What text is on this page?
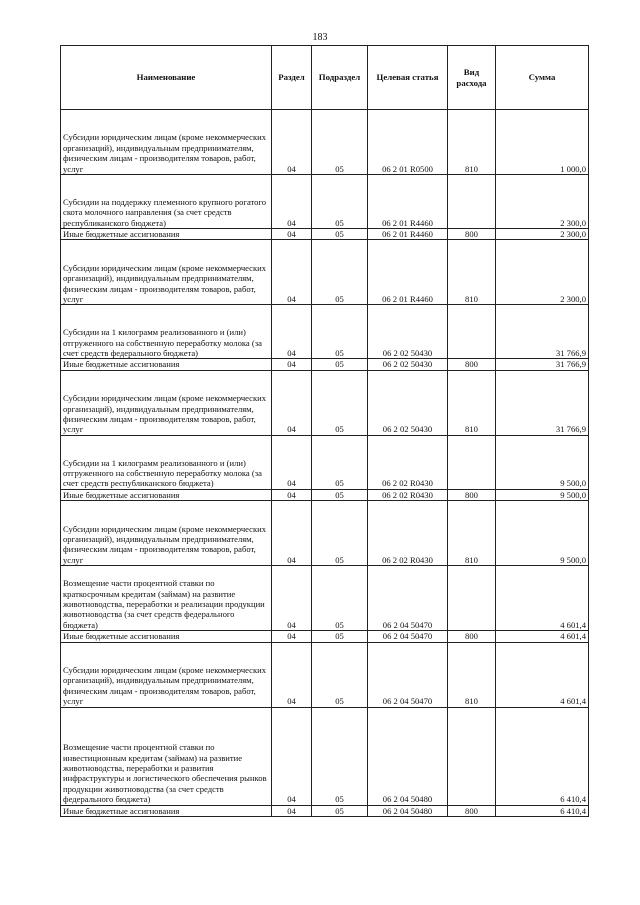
183
Наименование	Раздел	Подраздел	Целевая статья	Вид расхода	Сумма
Субсидии юридическим лицам (кроме некоммерческих организаций), индивидуальным предпринимателям, физическим лицам - производителям товаров, работ, услуг	04	05	06 2 01 R0500	810	1 000,0
Субсидии на поддержку племенного крупного рогатого скота молочного направления (за счет средств республиканского бюджета)	04	05	06 2 01 R4460		2 300,0
Иные бюджетные ассигнования	04	05	06 2 01 R4460	800	2 300,0
Субсидии юридическим лицам (кроме некоммерческих организаций), индивидуальным предпринимателям, физическим лицам - производителям товаров, работ, услуг	04	05	06 2 01 R4460	810	2 300,0
Субсидии на 1 килограмм реализованного и (или) отгруженного на собственную переработку молока (за счет средств федерального бюджета)	04	05	06 2 02 50430		31 766,9
Иные бюджетные ассигнования	04	05	06 2 02 50430	800	31 766,9
Субсидии юридическим лицам (кроме некоммерческих организаций), индивидуальным предпринимателям, физическим лицам - производителям товаров, работ, услуг	04	05	06 2 02 50430	810	31 766,9
Субсидии на 1 килограмм реализованного и (или) отгруженного на собственную переработку молока (за счет средств республиканского бюджета)	04	05	06 2 02 R0430		9 500,0
Иные бюджетные ассигнования	04	05	06 2 02 R0430	800	9 500,0
Субсидии юридическим лицам (кроме некоммерческих организаций), индивидуальным предпринимателям, физическим лицам - производителям товаров, работ, услуг	04	05	06 2 02 R0430	810	9 500,0
Возмещение части процентной ставки по краткосрочным кредитам (займам) на развитие животноводства, переработки и реализации продукции животноводства (за счет средств федерального бюджета)	04	05	06 2 04 50470		4 601,4
Иные бюджетные ассигнования	04	05	06 2 04 50470	800	4 601,4
Субсидии юридическим лицам (кроме некоммерческих организаций), индивидуальным предпринимателям, физическим лицам - производителям товаров, работ, услуг	04	05	06 2 04 50470	810	4 601,4
Возмещение части процентной ставки по инвестиционным кредитам (займам) на развитие животноводства, переработки и развития инфраструктуры и логистического обеспечения рынков продукции животноводства (за счет средств федерального бюджета)	04	05	06 2 04 50480		6 410,4
Иные бюджетные ассигнования	04	05	06 2 04 50480	800	6 410,4
